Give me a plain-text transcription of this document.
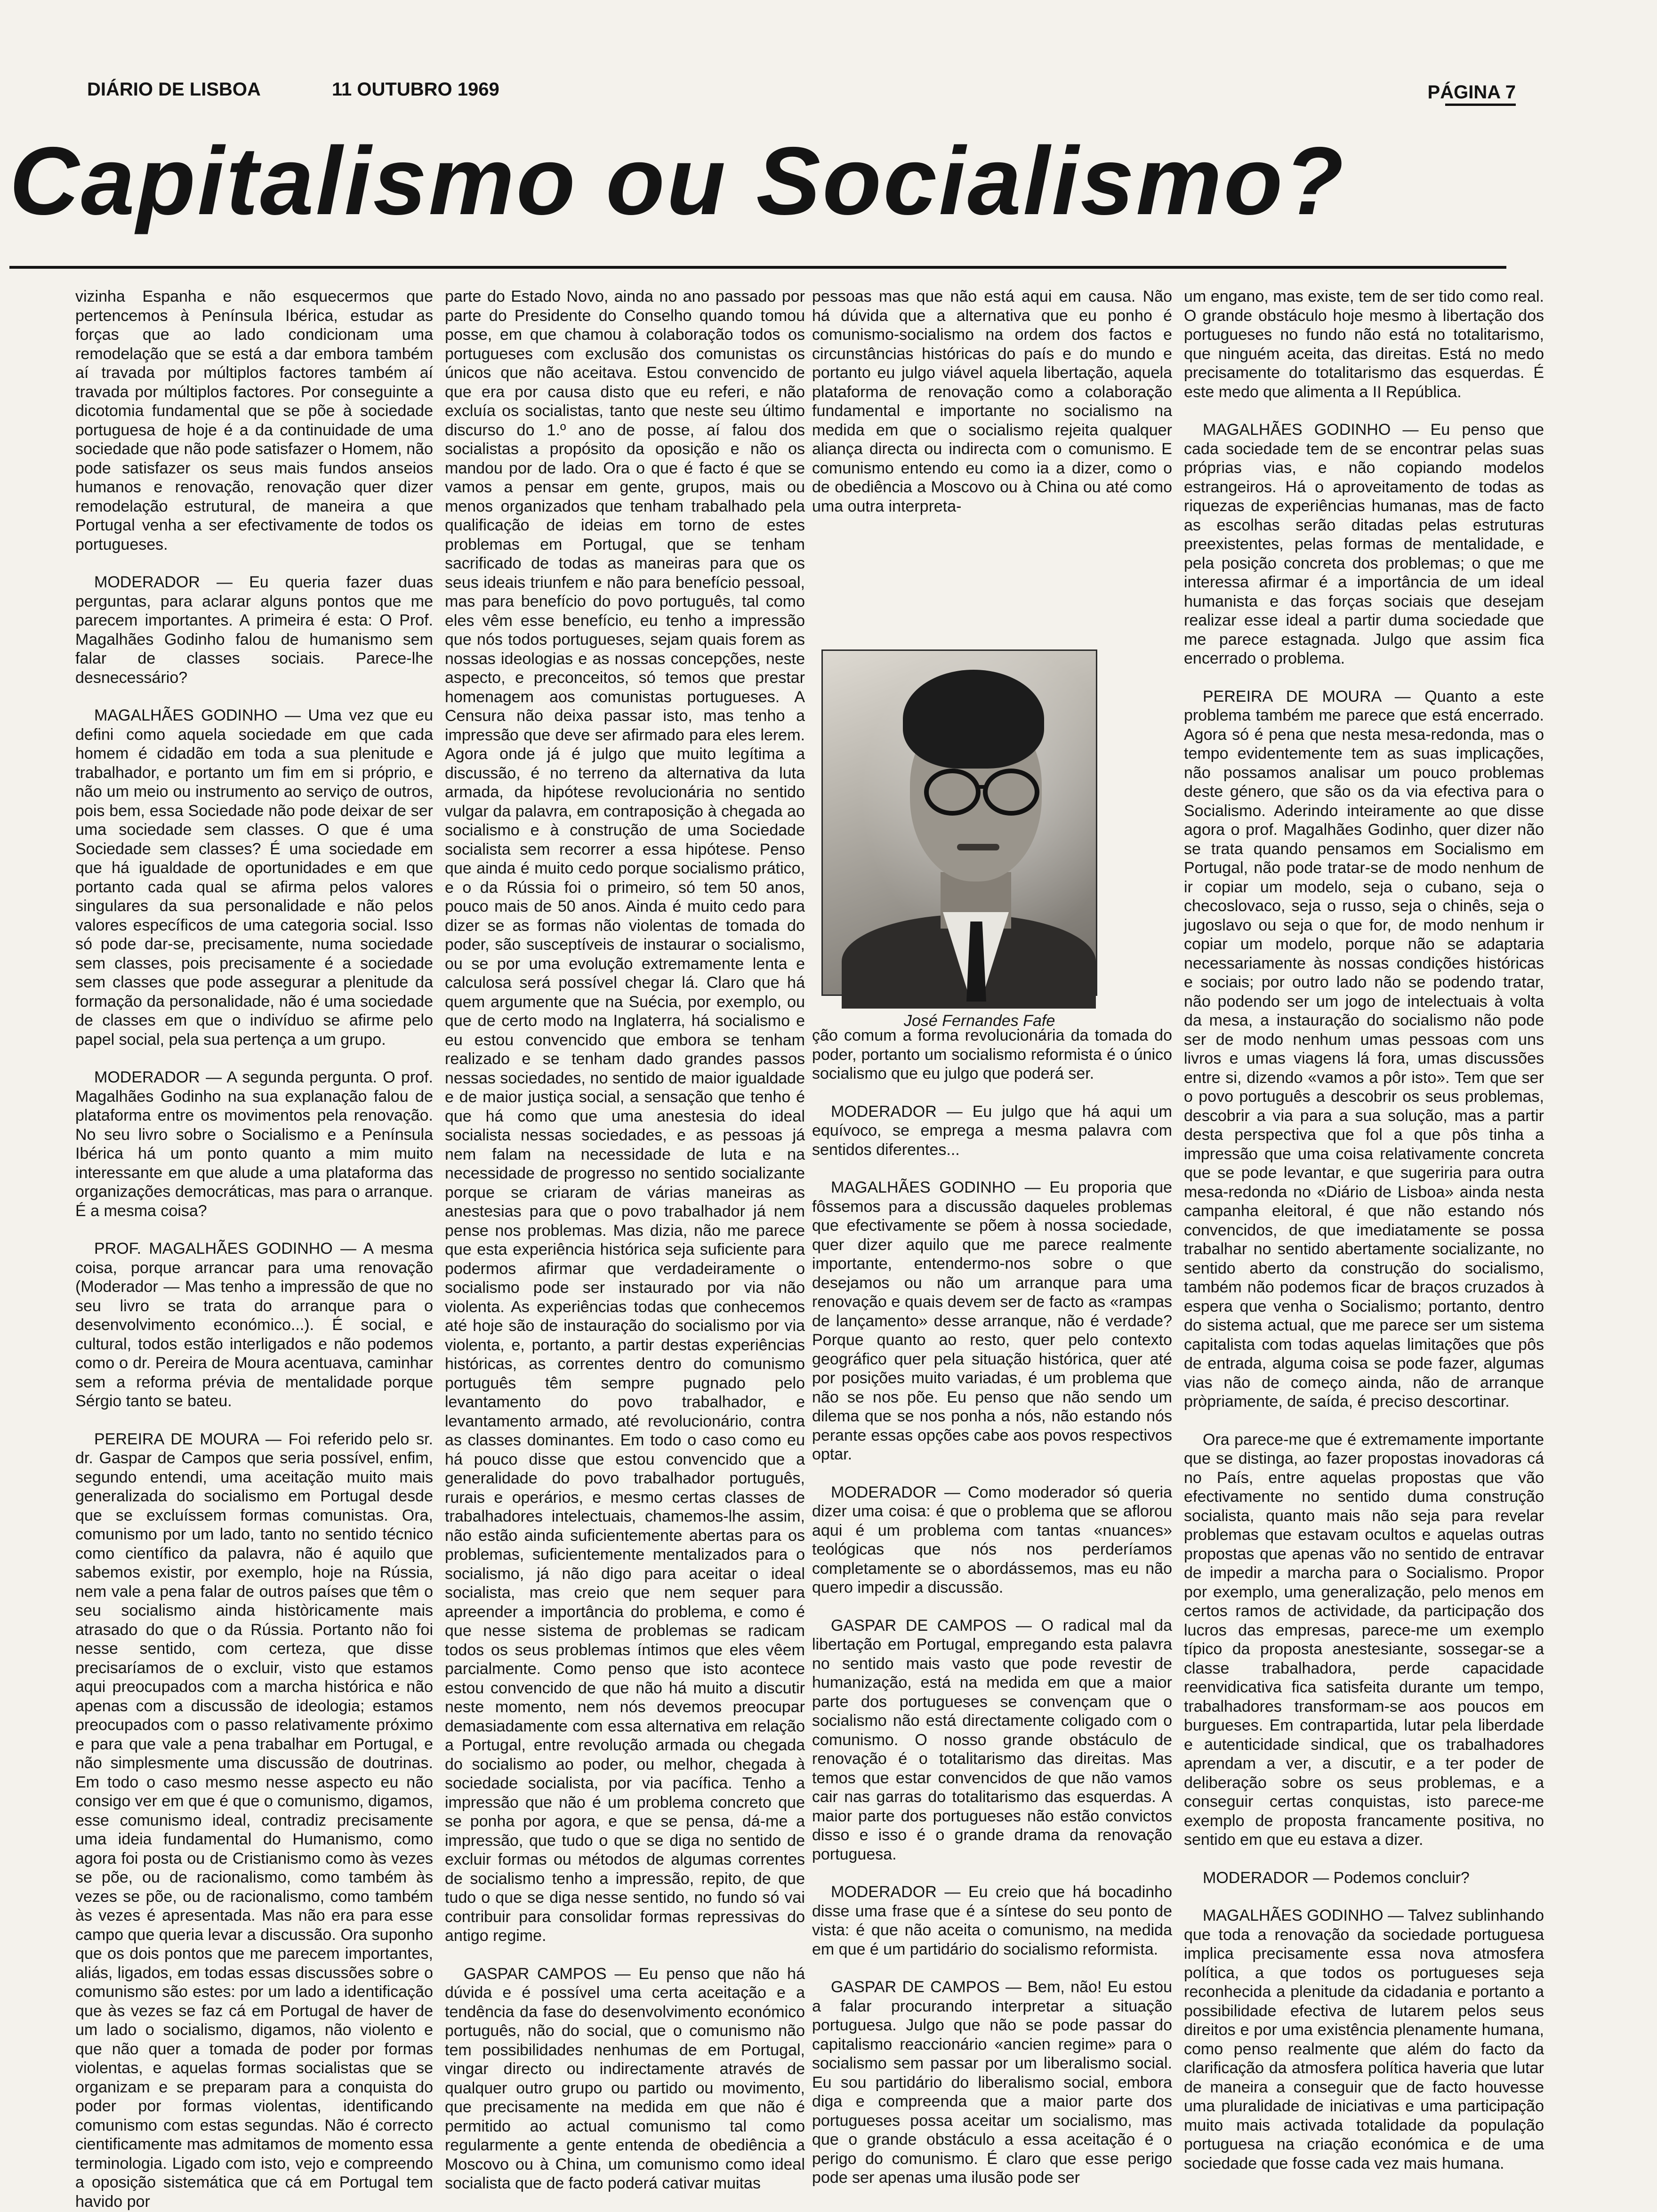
DIÁRIO DE LISBOA	11 OUTUBRO 1969	PÁGINA 7
Capitalismo ou Socialismo?

vizinha Espanha e não esquecermos que pertencemos à Península Ibérica, estudar as forças que ao lado condicionam uma remodelação que se está a dar embora também aí travada por múltiplos factores também aí travada por múltiplos factores. Por conseguinte a dicotomia fundamental que se põe à sociedade portuguesa de hoje é a da continuidade de uma sociedade que não pode satisfazer o Homem, não pode satisfazer os seus mais fundos anseios humanos e renovação, renovação quer dizer remodelação estrutural, de maneira a que Portugal venha a ser efectivamente de todos os portugueses.

MODERADOR — Eu queria fazer duas perguntas, para aclarar alguns pontos que me parecem importantes. A primeira é esta: O Prof. Magalhães Godinho falou de humanismo sem falar de classes sociais. Parece-lhe desnecessário?

MAGALHÃES GODINHO — Uma vez que eu defini como aquela sociedade em que cada homem é cidadão em toda a sua plenitude e trabalhador, e portanto um fim em si próprio, e não um meio ou instrumento ao serviço de outros, pois bem, essa Sociedade não pode deixar de ser uma sociedade sem classes. O que é uma Sociedade sem classes? É uma sociedade em que há igualdade de oportunidades e em que portanto cada qual se afirma pelos valores singulares da sua personalidade e não pelos valores específicos de uma categoria social. Isso só pode dar-se, precisamente, numa sociedade sem classes, pois precisamente é a sociedade sem classes que pode assegurar a plenitude da formação da personalidade, não é uma sociedade de classes em que o indivíduo se afirme pelo papel social, pela sua pertença a um grupo.

MODERADOR — A segunda pergunta. O prof. Magalhães Godinho na sua explanação falou de plataforma entre os movimentos pela renovação. No seu livro sobre o Socialismo e a Península Ibérica há um ponto quanto a mim muito interessante em que alude a uma plataforma das organizações democráticas, mas para o arranque. É a mesma coisa?

PROF. MAGALHÃES GODINHO — A mesma coisa, porque arrancar para uma renovação (Moderador — Mas tenho a impressão de que no seu livro se trata do arranque para o desenvolvimento económico...). É social, e cultural, todos estão interligados e não podemos como o dr. Pereira de Moura acentuava, caminhar sem a reforma prévia de mentalidade porque Sérgio tanto se bateu.

PEREIRA DE MOURA — Foi referido pelo sr. dr. Gaspar de Campos que seria possível, enfim, segundo entendi, uma aceitação muito mais generalizada do socialismo em Portugal desde que se excluíssem formas comunistas. Ora, comunismo por um lado, tanto no sentido técnico como científico da palavra, não é aquilo que sabemos existir, por exemplo, hoje na Rússia, nem vale a pena falar de outros países que têm o seu socialismo ainda històricamente mais atrasado do que o da Rússia. Portanto não foi nesse sentido, com certeza, que disse precisaríamos de o excluir, visto que estamos aqui preocupados com a marcha histórica e não apenas com a discussão de ideologia; estamos preocupados com o passo relativamente próximo e para que vale a pena trabalhar em Portugal, e não simplesmente uma discussão de doutrinas. Em todo o caso mesmo nesse aspecto eu não consigo ver em que é que o comunismo, digamos, esse comunismo ideal, contradiz precisamente uma ideia fundamental do Humanismo, como agora foi posta ou de Cristianismo como às vezes se põe, ou de racionalismo, como também às vezes se põe, ou de racionalismo, como também às vezes é apresentada. Mas não era para esse campo que queria levar a discussão. Ora suponho que os dois pontos que me parecem importantes, aliás, ligados, em todas essas discussões sobre o comunismo são estes: por um lado a identificação que às vezes se faz cá em Portugal de haver de um lado o socialismo, digamos, não violento e que não quer a tomada de poder por formas violentas, e aquelas formas socialistas que se organizam e se preparam para a conquista do poder por formas violentas, identificando comunismo com estas segundas. Não é correcto cientificamente mas admitamos de momento essa terminologia. Ligado com isto, vejo e compreendo a oposição sistemática que cá em Portugal tem havido por

parte do Estado Novo, ainda no ano passado por parte do Presidente do Conselho quando tomou posse, em que chamou à colaboração todos os portugueses com exclusão dos comunistas os únicos que não aceitava. Estou convencido de que era por causa disto que eu referi, e não excluía os socialistas, tanto que neste seu último discurso do 1.º ano de posse, aí falou dos socialistas a propósito da oposição e não os mandou por de lado. Ora o que é facto é que se vamos a pensar em gente, grupos, mais ou menos organizados que tenham trabalhado pela qualificação de ideias em torno de estes problemas em Portugal, que se tenham sacrificado de todas as maneiras para que os seus ideais triunfem e não para benefício pessoal, mas para benefício do povo português, tal como eles vêm esse benefício, eu tenho a impressão que nós todos portugueses, sejam quais forem as nossas ideologias e as nossas concepções, neste aspecto, e preconceitos, só temos que prestar homenagem aos comunistas portugueses. A Censura não deixa passar isto, mas tenho a impressão que deve ser afirmado para eles lerem. Agora onde já é julgo que muito legítima a discussão, é no terreno da alternativa da luta armada, da hipótese revolucionária no sentido vulgar da palavra, em contraposição à chegada ao socialismo e à construção de uma Sociedade socialista sem recorrer a essa hipótese. Penso que ainda é muito cedo porque socialismo prático, e o da Rússia foi o primeiro, só tem 50 anos, pouco mais de 50 anos. Ainda é muito cedo para dizer se as formas não violentas de tomada do poder, são susceptíveis de instaurar o socialismo, ou se por uma evolução extremamente lenta e calculosa será possível chegar lá. Claro que há quem argumente que na Suécia, por exemplo, ou que de certo modo na Inglaterra, há socialismo e eu estou convencido que embora se tenham realizado e se tenham dado grandes passos nessas sociedades, no sentido de maior igualdade e de maior justiça social, a sensação que tenho é que há como que uma anestesia do ideal socialista nessas sociedades, e as pessoas já nem falam na necessidade de luta e na necessidade de progresso no sentido socializante porque se criaram de várias maneiras as anestesias para que o povo trabalhador já nem pense nos problemas. Mas dizia, não me parece que esta experiência histórica seja suficiente para podermos afirmar que verdadeiramente o socialismo pode ser instaurado por via não violenta. As experiências todas que conhecemos até hoje são de instauração do socialismo por via violenta, e, portanto, a partir destas experiências históricas, as correntes dentro do comunismo português têm sempre pugnado pelo levantamento do povo trabalhador, e levantamento armado, até revolucionário, contra as classes dominantes. Em todo o caso como eu há pouco disse que estou convencido que a generalidade do povo trabalhador português, rurais e operários, e mesmo certas classes de trabalhadores intelectuais, chamemos-lhe assim, não estão ainda suficientemente abertas para os problemas, suficientemente mentalizados para o socialismo, já não digo para aceitar o ideal socialista, mas creio que nem sequer para apreender a importância do problema, e como é que nesse sistema de problemas se radicam todos os seus problemas íntimos que eles vêem parcialmente. Como penso que isto acontece estou convencido de que não há muito a discutir neste momento, nem nós devemos preocupar demasiadamente com essa alternativa em relação a Portugal, entre revolução armada ou chegada do socialismo ao poder, ou melhor, chegada à sociedade socialista, por via pacífica. Tenho a impressão que não é um problema concreto que se ponha por agora, e que se pensa, dá-me a impressão, que tudo o que se diga no sentido de excluir formas ou métodos de algumas correntes de socialismo tenho a impressão, repito, de que tudo o que se diga nesse sentido, no fundo só vai contribuir para consolidar formas repressivas do antigo regime.

GASPAR CAMPOS — Eu penso que não há dúvida e é possível uma certa aceitação e a tendência da fase do desenvolvimento económico português, não do social, que o comunismo não tem possibilidades nenhumas de em Portugal, vingar directo ou indirectamente através de qualquer outro grupo ou partido ou movimento, que precisamente na medida em que não é permitido ao actual comunismo tal como regularmente a gente entenda de obediência a Moscovo ou à China, um comunismo como ideal socialista que de facto poderá cativar muitas

pessoas mas que não está aqui em causa. Não há dúvida que a alternativa que eu ponho é comunismo-socialismo na ordem dos factos e circunstâncias históricas do país e do mundo e portanto eu julgo viável aquela libertação, aquela plataforma de renovação como a colaboração fundamental e importante no socialismo na medida em que o socialismo rejeita qualquer aliança directa ou indirecta com o comunismo. E comunismo entendo eu como ia a dizer, como o de obediência a Moscovo ou à China ou até como uma outra interpreta-

ção comum a forma revolucionária da tomada do poder, portanto um socialismo reformista é o único socialismo que eu julgo que poderá ser.

MODERADOR — Eu julgo que há aqui um equívoco, se emprega a mesma palavra com sentidos diferentes...

MAGALHÃES GODINHO — Eu proporia que fôssemos para a discussão daqueles problemas que efectivamente se põem à nossa sociedade, quer dizer aquilo que me parece realmente importante, entendermo-nos sobre o que desejamos ou não um arranque para uma renovação e quais devem ser de facto as «rampas de lançamento» desse arranque, não é verdade? Porque quanto ao resto, quer pelo contexto geográfico quer pela situação histórica, quer até por posições muito variadas, é um problema que não se nos põe. Eu penso que não sendo um dilema que se nos ponha a nós, não estando nós perante essas opções cabe aos povos respectivos optar.

MODERADOR — Como moderador só queria dizer uma coisa: é que o problema que se aflorou aqui é um problema com tantas «nuances» teológicas que nós nos perderíamos completamente se o abordássemos, mas eu não quero impedir a discussão.

GASPAR DE CAMPOS — O radical mal da libertação em Portugal, empregando esta palavra no sentido mais vasto que pode revestir de humanização, está na medida em que a maior parte dos portugueses se convençam que o socialismo não está directamente coligado com o comunismo. O nosso grande obstáculo de renovação é o totalitarismo das direitas. Mas temos que estar convencidos de que não vamos cair nas garras do totalitarismo das esquerdas. A maior parte dos portugueses não estão convictos disso e isso é o grande drama da renovação portuguesa.

MODERADOR — Eu creio que há bocadinho disse uma frase que é a síntese do seu ponto de vista: é que não aceita o comunismo, na medida em que é um partidário do socialismo reformista.

GASPAR DE CAMPOS — Bem, não! Eu estou a falar procurando interpretar a situação portuguesa. Julgo que não se pode passar do capitalismo reaccionário «ancien regime» para o socialismo sem passar por um liberalismo social. Eu sou partidário do liberalismo social, embora diga e compreenda que a maior parte dos portugueses possa aceitar um socialismo, mas que o grande obstáculo a essa aceitação é o perigo do comunismo. É claro que esse perigo pode ser apenas uma ilusão pode ser

um engano, mas existe, tem de ser tido como real. O grande obstáculo hoje mesmo à libertação dos portugueses no fundo não está no totalitarismo, que ninguém aceita, das direitas. Está no medo precisamente do totalitarismo das esquerdas. É este medo que alimenta a II República.

MAGALHÃES GODINHO — Eu penso que cada sociedade tem de se encontrar pelas suas próprias vias, e não copiando modelos estrangeiros. Há o aproveitamento de todas as riquezas de experiências humanas, mas de facto as escolhas serão ditadas pelas estruturas preexistentes, pelas formas de mentalidade, e pela posição concreta dos problemas; o que me interessa afirmar é a importância de um ideal humanista e das forças sociais que desejam realizar esse ideal a partir duma sociedade que me parece estagnada. Julgo que assim fica encerrado o problema.

PEREIRA DE MOURA — Quanto a este problema também me parece que está encerrado. Agora só é pena que nesta mesa-redonda, mas o tempo evidentemente tem as suas implicações, não possamos analisar um pouco problemas deste género, que são os da via efectiva para o Socialismo. Aderindo inteiramente ao que disse agora o prof. Magalhães Godinho, quer dizer não se trata quando pensamos em Socialismo em Portugal, não pode tratar-se de modo nenhum de ir copiar um modelo, seja o cubano, seja o checoslovaco, seja o russo, seja o chinês, seja o jugoslavo ou seja o que for, de modo nenhum ir copiar um modelo, porque não se adaptaria necessariamente às nossas condições históricas e sociais; por outro lado não se podendo tratar, não podendo ser um jogo de intelectuais à volta da mesa, a instauração do socialismo não pode ser de modo nenhum umas pessoas com uns livros e umas viagens lá fora, umas discussões entre si, dizendo «vamos a pôr isto». Tem que ser o povo português a descobrir os seus problemas, descobrir a via para a sua solução, mas a partir desta perspectiva que fol a que pôs tinha a impressão que uma coisa relativamente concreta que se pode levantar, e que sugeriria para outra mesa-redonda no «Diário de Lisboa» ainda nesta campanha eleitoral, é que não estando nós convencidos, de que imediatamente se possa trabalhar no sentido abertamente socializante, no sentido aberto da construção do socialismo, também não podemos ficar de braços cruzados à espera que venha o Socialismo; portanto, dentro do sistema actual, que me parece ser um sistema capitalista com todas aquelas limitações que pôs de entrada, alguma coisa se pode fazer, algumas vias não de começo ainda, não de arranque pròpriamente, de saída, é preciso descortinar.

Ora parece-me que é extremamente importante que se distinga, ao fazer propostas inovadoras cá no País, entre aquelas propostas que vão efectivamente no sentido duma construção socialista, quanto mais não seja para revelar problemas que estavam ocultos e aquelas outras propostas que apenas vão no sentido de entravar de impedir a marcha para o Socialismo. Propor por exemplo, uma generalização, pelo menos em certos ramos de actividade, da participação dos lucros das empresas, parece-me um exemplo típico da proposta anestesiante, sossegar-se a classe trabalhadora, perde capacidade reenvidicativa fica satisfeita durante um tempo, trabalhadores transformam-se aos poucos em burgueses. Em contrapartida, lutar pela liberdade e autenticidade sindical, que os trabalhadores aprendam a ver, a discutir, e a ter poder de deliberação sobre os seus problemas, e a conseguir certas conquistas, isto parece-me exemplo de proposta francamente positiva, no sentido em que eu estava a dizer.

MODERADOR — Podemos concluir?

MAGALHÃES GODINHO — Talvez sublinhando que toda a renovação da sociedade portuguesa implica precisamente essa nova atmosfera política, a que todos os portugueses seja reconhecida a plenitude da cidadania e portanto a possibilidade efectiva de lutarem pelos seus direitos e por uma existência plenamente humana, como penso realmente que além do facto da clarificação da atmosfera política haveria que lutar de maneira a conseguir que de facto houvesse uma pluralidade de iniciativas e uma participação muito mais activada totalidade da população portuguesa na criação económica e de uma sociedade que fosse cada vez mais humana.

José Fernandes Fafe
